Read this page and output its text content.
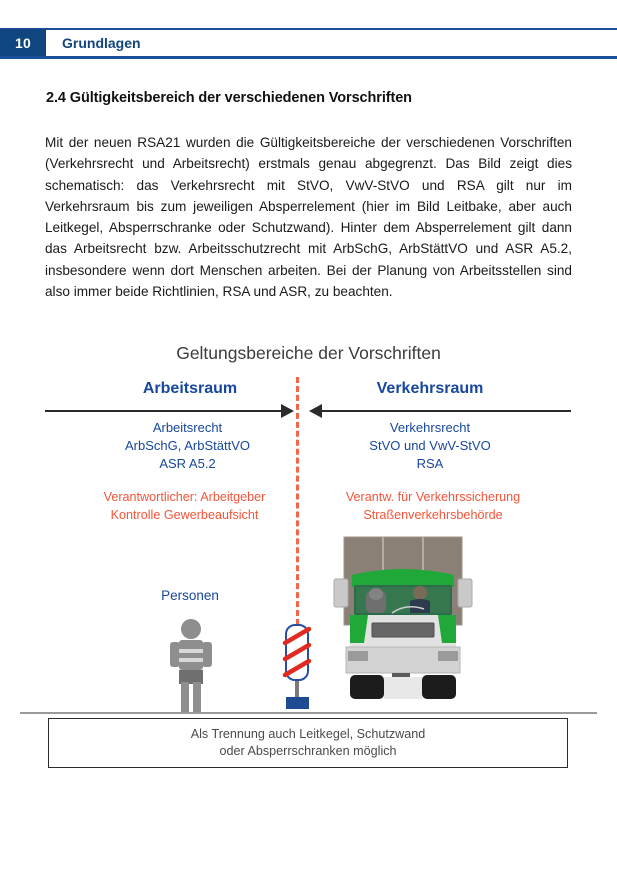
10	Grundlagen
2.4 Gültigkeitsbereich der verschiedenen Vorschriften

Mit der neuen RSA21 wurden die Gültigkeitsbereiche der verschiedenen Vorschriften (Verkehrsrecht und Arbeitsrecht) erstmals genau abgegrenzt. Das Bild zeigt dies schematisch: das Verkehrsrecht mit StVO, VwV-StVO und RSA gilt nur im Verkehrsraum bis zum jeweiligen Absperrelement (hier im Bild Leitbake, aber auch Leitkegel, Absperrschranke oder Schutzwand). Hinter dem Absperrelement gilt dann das Arbeitsrecht bzw. Arbeitsschutzrecht mit ArbSchG, ArbStättVO und ASR A5.2, insbesondere wenn dort Menschen arbeiten. Bei der Planung von Arbeitsstellen sind also immer beide Richtlinien, RSA und ASR, zu beachten.

Geltungsbereiche der Vorschriften
Arbeitsraum	Verkehrsraum
Arbeitsrecht
ArbSchG, ArbStättVO
ASR A5.2
Verkehrsrecht
StVO und VwV-StVO
RSA
Verantwortlicher: Arbeitgeber
Kontrolle Gewerbeaufsicht
Verantw. für Verkehrssicherung
Straßenverkehrsbehörde
Personen
Als Trennung auch Leitkegel, Schutzwand
oder Absperrschranken möglich
